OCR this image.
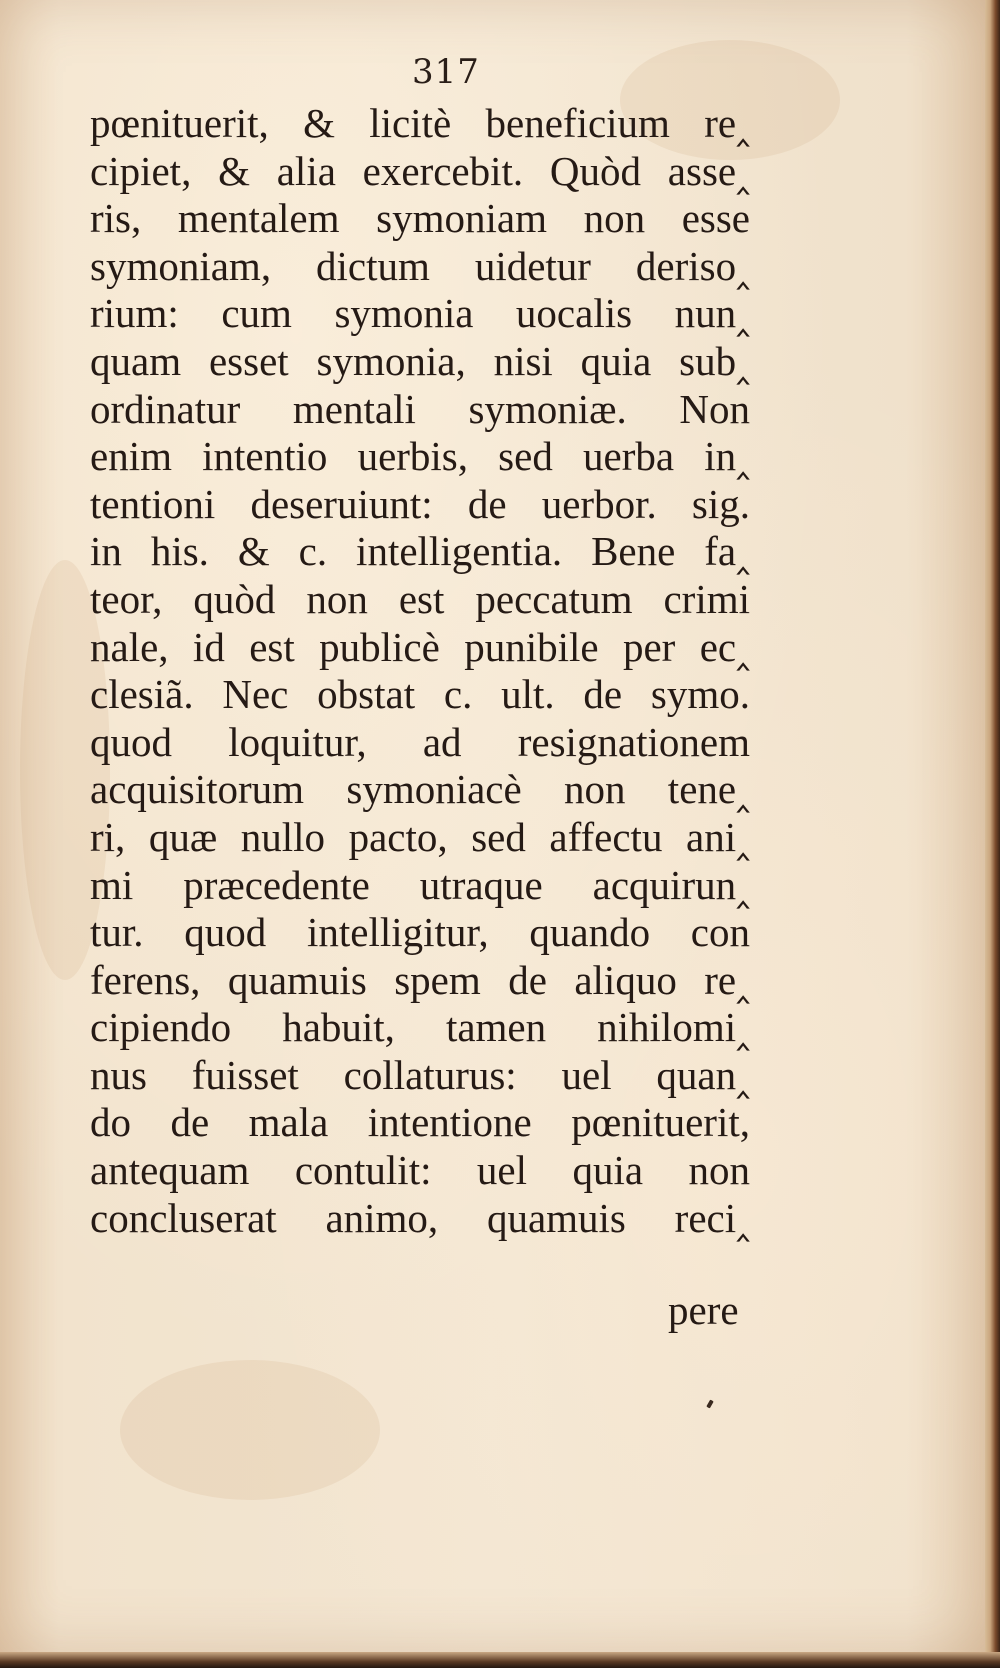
317
pœnituerit, & licitè beneficium re‸
cipiet, & alia exercebit. Quòd asse‸
ris, mentalem symoniam non esse
symoniam, dictum uidetur deriso‸
rium: cum symonia uocalis nun‸
quam esset symonia, nisi quia sub‸
ordinatur mentali symoniæ. Non
enim intentio uerbis, sed uerba in‸
tentioni deseruiunt: de uerbor. sig.
in his. & c. intelligentia. Bene fa‸
teor, quòd non est peccatum crimi
nale, id est publicè punibile per ec‸
clesiã. Nec obstat c. ult. de symo.
quod loquitur, ad resignationem
acquisitorum symoniacè non tene‸
ri, quæ nullo pacto, sed affectu ani‸
mi præcedente utraque acquirun‸
tur. quod intelligitur, quando con
ferens, quamuis spem de aliquo re‸
cipiendo habuit, tamen nihilomi‸
nus fuisset collaturus: uel quan‸
do de mala intentione pœnituerit,
antequam contulit: uel quia non
concluserat animo, quamuis reci‸
pere
